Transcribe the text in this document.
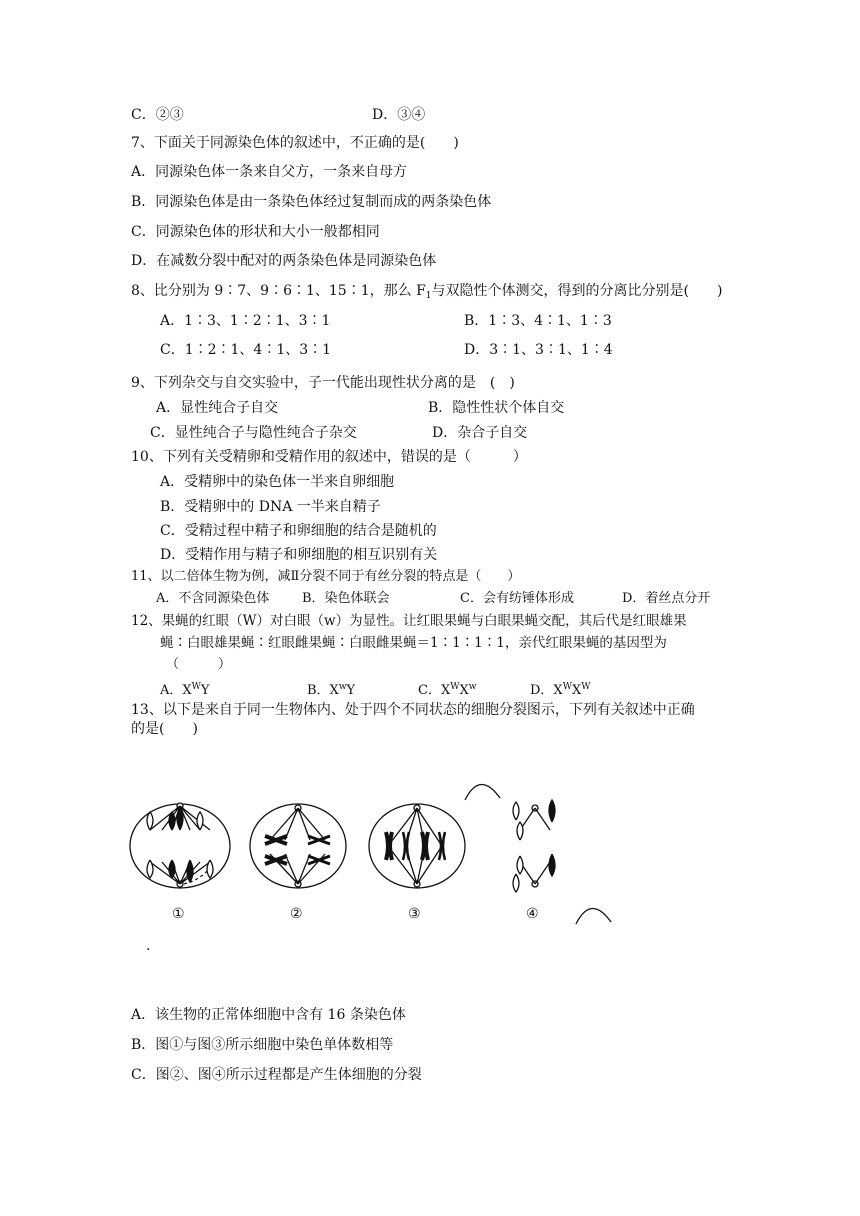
C．②③	D．③④
7、下面关于同源染色体的叙述中，不正确的是(　　)
A．同源染色体一条来自父方，一条来自母方
B．同源染色体是由一条染色体经过复制而成的两条染色体
C．同源染色体的形状和大小一般都相同
D．在减数分裂中配对的两条染色体是同源染色体
8、比分别为 9∶7、9∶6∶1、15∶1，那么 $F_1$与双隐性个体测交，得到的分离比分别是(　　)
A．1∶3、1∶2∶1、3∶1	B．1∶3、4∶1、1∶3
C．1∶2∶1、4∶1、3∶1	D．3∶1、3∶1、1∶4
9、下列杂交与自交实验中，子一代能出现性状分离的是　(　)
A．显性纯合子自交	B．隐性性状个体自交
C．显性纯合子与隐性纯合子杂交	D．杂合子自交
10、下列有关受精卵和受精作用的叙述中，错误的是（　　　）
A．受精卵中的染色体一半来自卵细胞
B．受精卵中的 DNA 一半来自精子
C．受精过程中精子和卵细胞的结合是随机的
D．受精作用与精子和卵细胞的相互识别有关
11、以二倍体生物为例，减Ⅱ分裂不同于有丝分裂的特点是（　　）
A．不含同源染色体	B．染色体联会	C．会有纺锤体形成	D．着丝点分开
12、果蝇的红眼（W）对白眼（w）为显性。让红眼果蝇与白眼果蝇交配，其后代是红眼雄果
蝇∶白眼雄果蝇∶红眼雌果蝇∶白眼雌果蝇＝1∶1∶1∶1，亲代红眼果蝇的基因型为
（　　　）
A．$X^WY$	B．$X^wY$	C．$X^WX^w$	D．$X^WX^W$
13、以下是来自于同一生物体内、处于四个不同状态的细胞分裂图示，下列有关叙述中正确
的是(　　)
①	②	③	④
.
A．该生物的正常体细胞中含有 16 条染色体
B．图①与图③所示细胞中染色单体数相等
C．图②、图④所示过程都是产生体细胞的分裂
